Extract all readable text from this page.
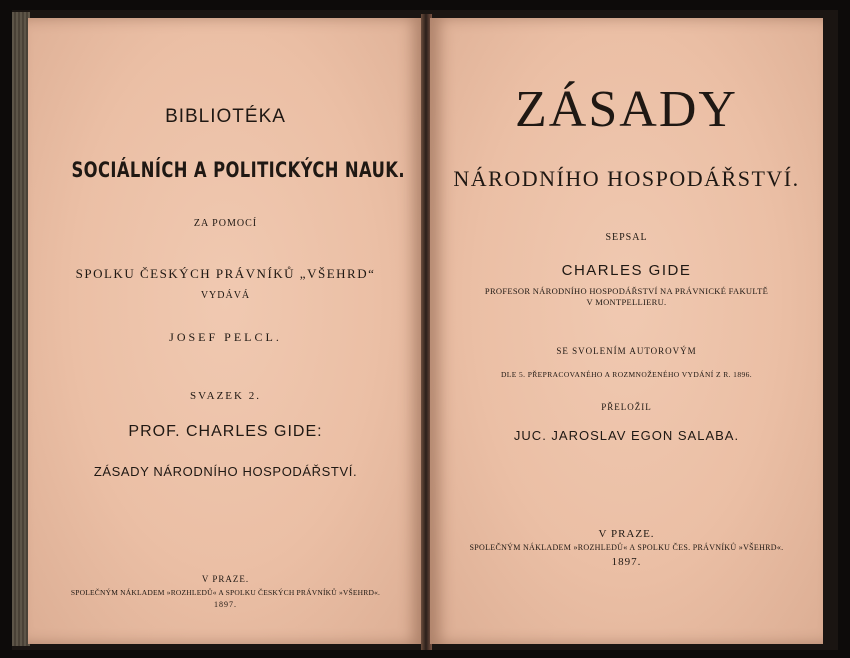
BIBLIOTÉKA
SOCIÁLNÍCH A POLITICKÝCH NAUK.
ZA POMOCÍ
SPOLKU ČESKÝCH PRÁVNÍKŮ „VŠEHRD“
VYDÁVÁ
JOSEF PELCL.
SVAZEK 2.
PROF. CHARLES GIDE:
ZÁSADY NÁRODNÍHO HOSPODÁŘSTVÍ.
V PRAZE.
SPOLEČNÝM NÁKLADEM »ROZHLEDŮ« A SPOLKU ČESKÝCH PRÁVNÍKŮ »VŠEHRD«.
1897.
ZÁSADY
NÁRODNÍHO HOSPODÁŘSTVÍ.
SEPSAL
CHARLES GIDE
PROFESOR NÁRODNÍHO HOSPODÁŘSTVÍ NA PRÁVNICKÉ FAKULTĚ
V MONTPELLIERU.
SE SVOLENÍM AUTOROVÝM
DLE 5. PŘEPRACOVANÉHO A ROZMNOŽENÉHO VYDÁNÍ Z R. 1896.
PŘELOŽIL
JUC. JAROSLAV EGON SALABA.
V PRAZE.
SPOLEČNÝM NÁKLADEM »ROZHLEDŮ« A SPOLKU ČES. PRÁVNÍKŮ »VŠEHRD«.
1897.
